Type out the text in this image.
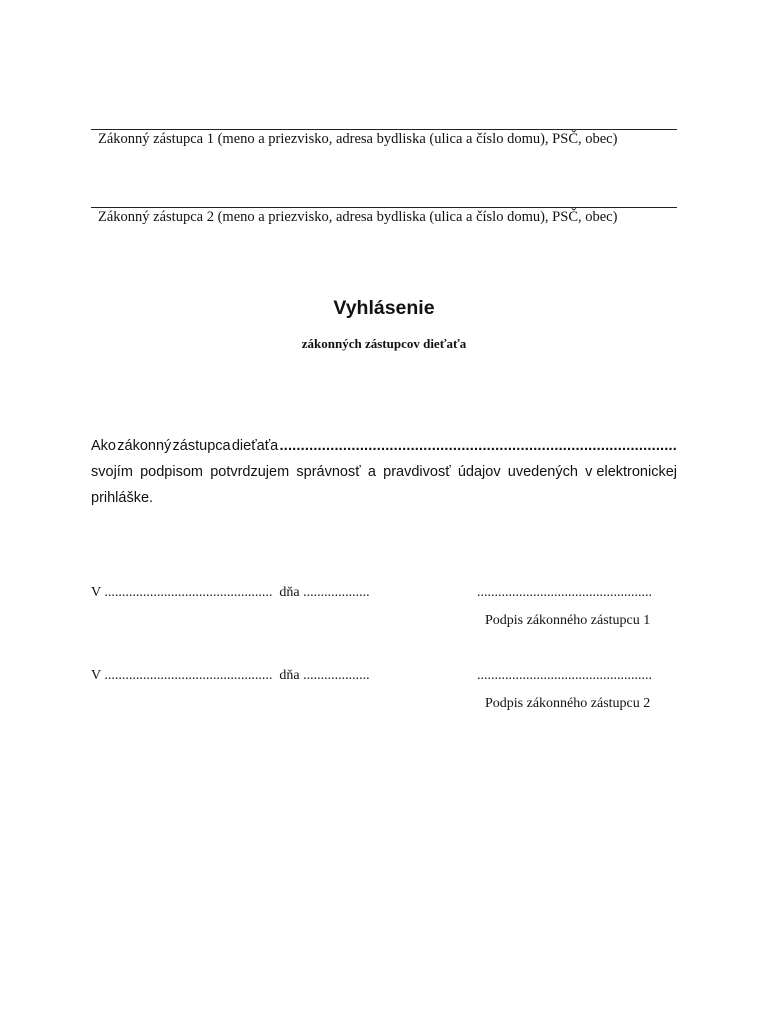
Zákonný zástupca 1 (meno a priezvisko, adresa bydliska (ulica a číslo domu), PSČ, obec)
Zákonný zástupca 2 (meno a priezvisko, adresa bydliska (ulica a číslo domu), PSČ, obec)
Vyhlásenie
zákonných zástupcov dieťaťa
Ako zákonný zástupca dieťaťa ..............................................................................................
svojím podpisom potvrdzujem správnosť a pravdivosť údajov uvedených v elektronickej
prihláške.
V ................................................ dňa ...................	..................................................
Podpis zákonného zástupcu 1
V ................................................ dňa ...................	..................................................
Podpis zákonného zástupcu 2
